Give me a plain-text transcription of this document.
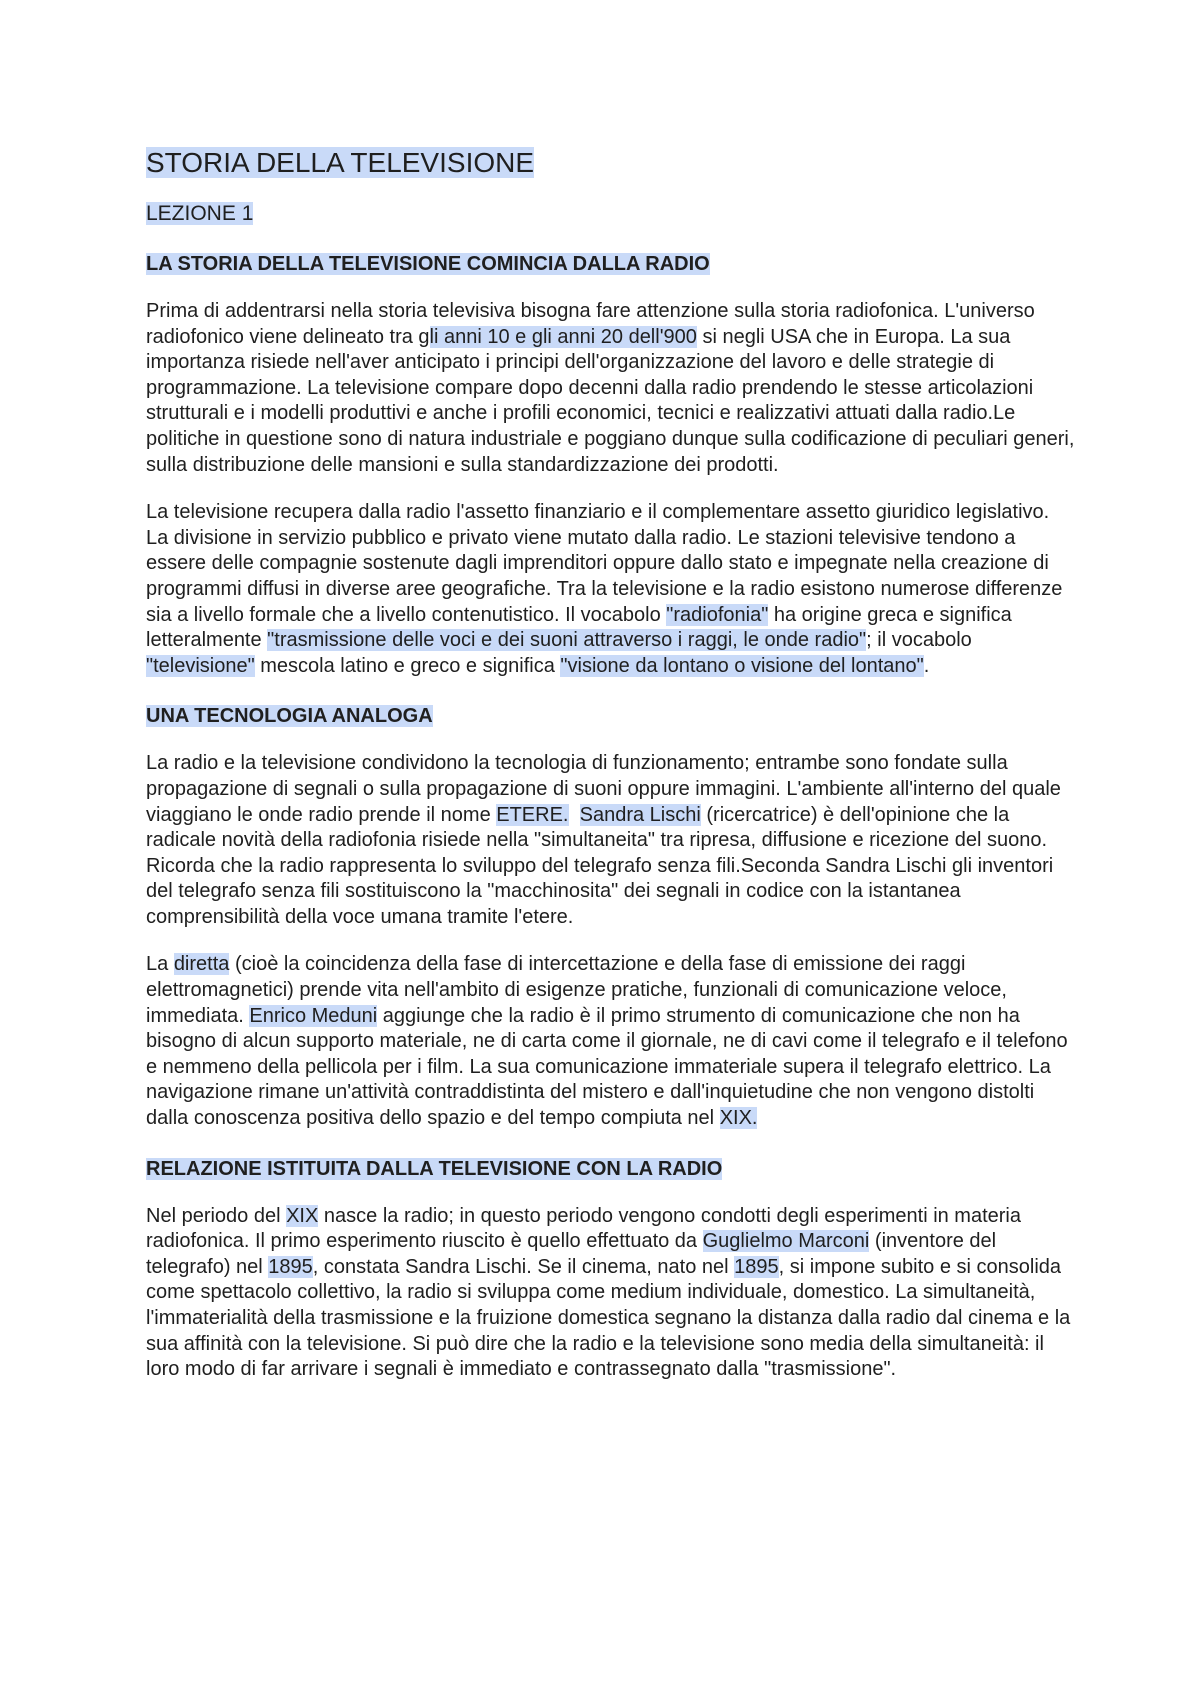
STORIA DELLA TELEVISIONE
LEZIONE 1
LA STORIA DELLA TELEVISIONE COMINCIA DALLA RADIO

Prima di addentrarsi nella storia televisiva bisogna fare attenzione sulla storia radiofonica. L'universo radiofonico viene delineato tra gli anni 10 e gli anni 20 dell'900 si negli USA che in Europa. La sua importanza risiede nell'aver anticipato i principi dell'organizzazione del lavoro e delle strategie di programmazione. La televisione compare dopo decenni dalla radio prendendo le stesse articolazioni strutturali e i modelli produttivi e anche i profili economici, tecnici e realizzativi attuati dalla radio.Le politiche in questione sono di natura industriale e poggiano dunque sulla codificazione di peculiari generi, sulla distribuzione delle mansioni e sulla standardizzazione dei prodotti.

La televisione recupera dalla radio l'assetto finanziario e il complementare assetto giuridico legislativo. La divisione in servizio pubblico e privato viene mutato dalla radio. Le stazioni televisive tendono a essere delle compagnie sostenute dagli imprenditori oppure dallo stato e impegnate nella creazione di programmi diffusi in diverse aree geografiche. Tra la televisione e la radio esistono numerose differenze sia a livello formale che a livello contenutistico. Il vocabolo "radiofonia" ha origine greca e significa letteralmente "trasmissione delle voci e dei suoni attraverso i raggi, le onde radio"; il vocabolo "televisione" mescola latino e greco e significa "visione da lontano o visione del lontano".

UNA TECNOLOGIA ANALOGA

La radio e la televisione condividono la tecnologia di funzionamento; entrambe sono fondate sulla propagazione di segnali o sulla propagazione di suoni oppure immagini. L'ambiente all'interno del quale viaggiano le onde radio prende il nome ETERE. Sandra Lischi (ricercatrice) è dell'opinione che la radicale novità della radiofonia risiede nella "simultaneita" tra ripresa, diffusione e ricezione del suono. Ricorda che la radio rappresenta lo sviluppo del telegrafo senza fili.Seconda Sandra Lischi gli inventori del telegrafo senza fili sostituiscono la "macchinosita" dei segnali in codice con la istantanea comprensibilità della voce umana tramite l'etere.

La diretta (cioè la coincidenza della fase di intercettazione e della fase di emissione dei raggi elettromagnetici) prende vita nell'ambito di esigenze pratiche, funzionali di comunicazione veloce, immediata. Enrico Meduni aggiunge che la radio è il primo strumento di comunicazione che non ha bisogno di alcun supporto materiale, ne di carta come il giornale, ne di cavi come il telegrafo e il telefono e nemmeno della pellicola per i film. La sua comunicazione immateriale supera il telegrafo elettrico. La navigazione rimane un'attività contraddistinta del mistero e dall'inquietudine che non vengono distolti dalla conoscenza positiva dello spazio e del tempo compiuta nel XIX.

RELAZIONE ISTITUITA DALLA TELEVISIONE CON LA RADIO

Nel periodo del XIX nasce la radio; in questo periodo vengono condotti degli esperimenti in materia radiofonica. Il primo esperimento riuscito è quello effettuato da Guglielmo Marconi (inventore del telegrafo) nel 1895, constata Sandra Lischi. Se il cinema, nato nel 1895, si impone subito e si consolida come spettacolo collettivo, la radio si sviluppa come medium individuale, domestico. La simultaneità, l'immaterialità della trasmissione e la fruizione domestica segnano la distanza dalla radio dal cinema e la sua affinità con la televisione. Si può dire che la radio e la televisione sono media della simultaneità: il loro modo di far arrivare i segnali è immediato e contrassegnato dalla "trasmissione".
